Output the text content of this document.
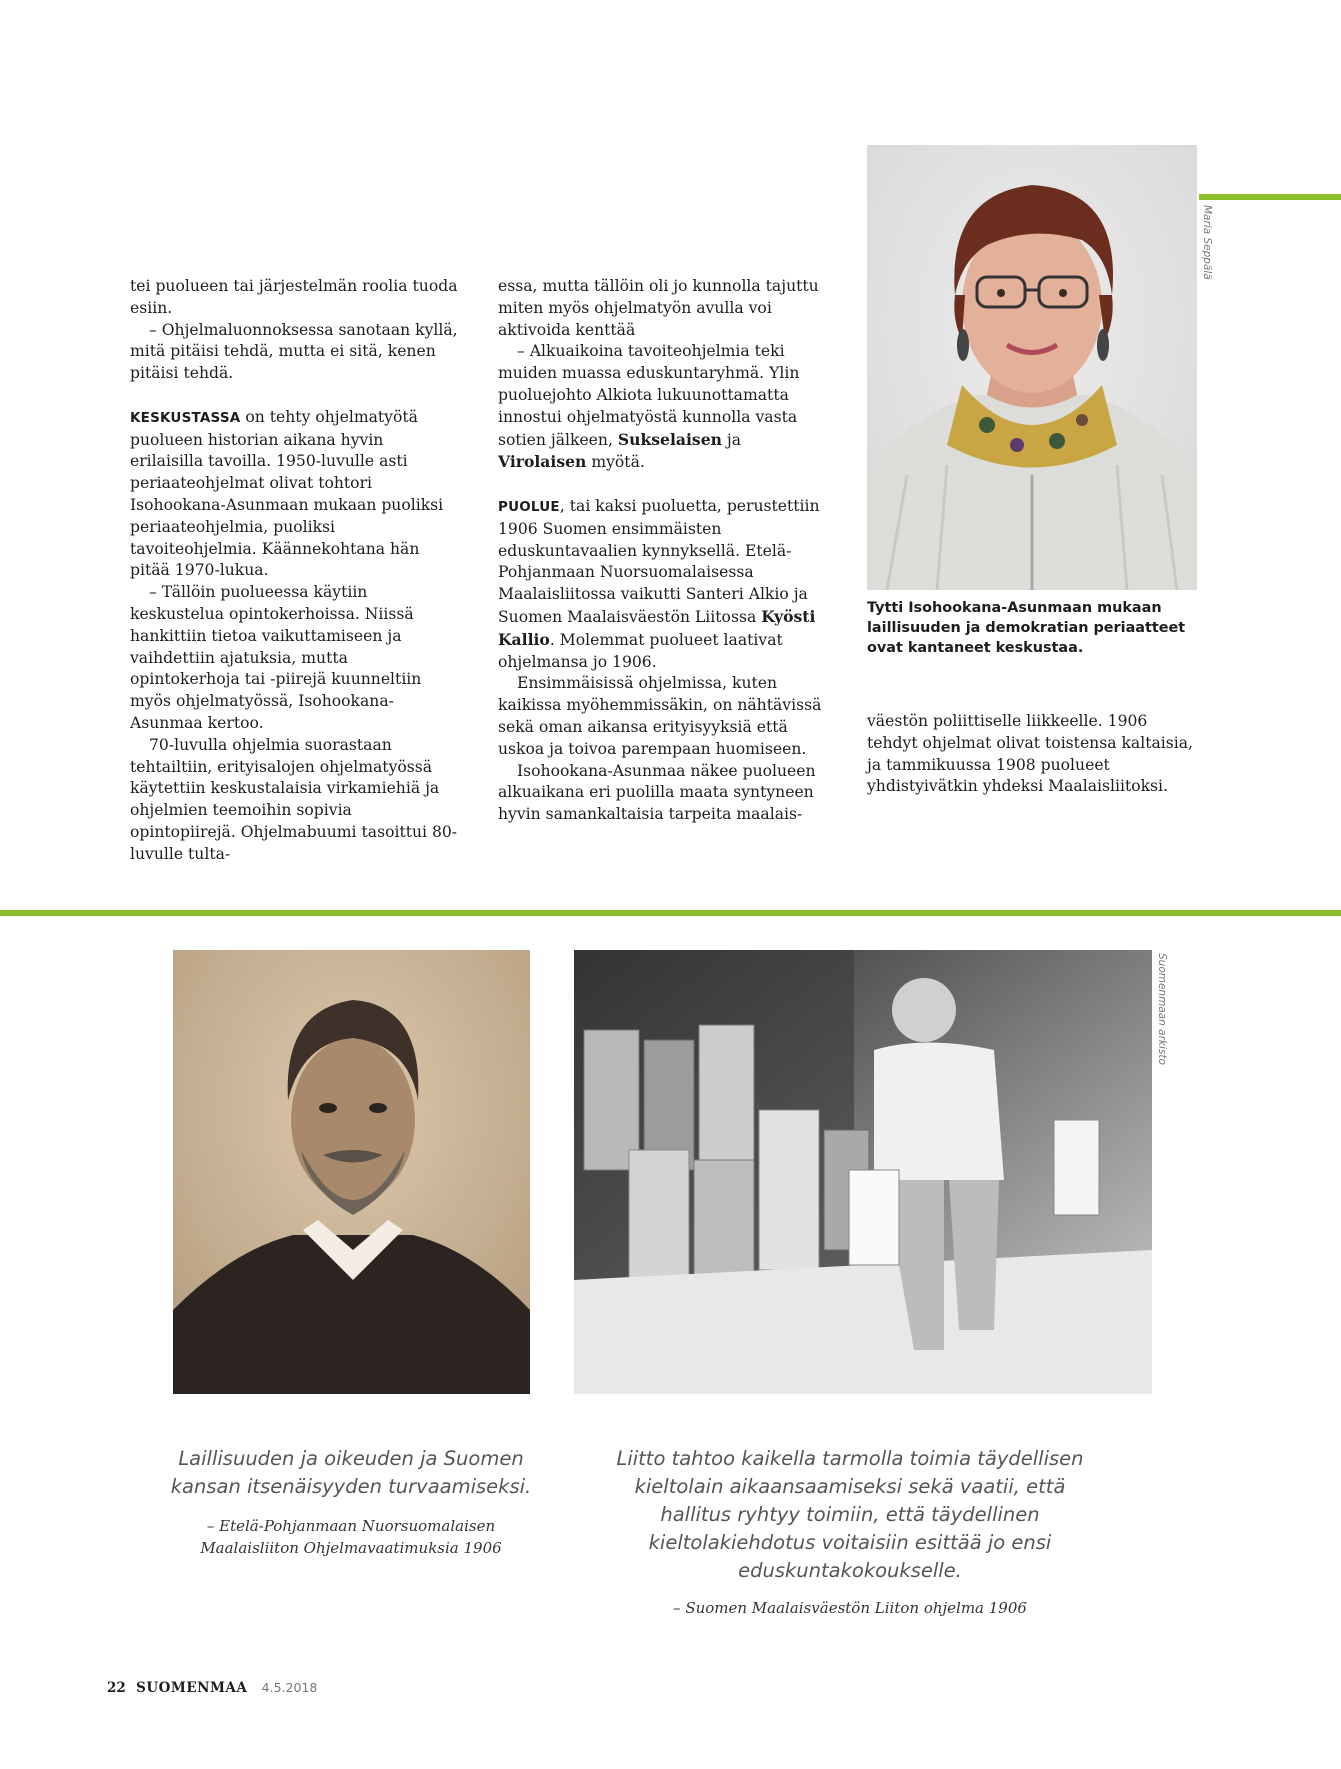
tei puolueen tai järjestelmän roolia tuoda esiin.

– Ohjelmaluonnoksessa sanotaan kyllä, mitä pitäisi tehdä, mutta ei sitä, kenen pitäisi tehdä.

KESKUSTASSA on tehty ohjelmatyötä puolueen historian aikana hyvin erilaisilla tavoilla. 1950-luvulle asti periaateohjelmat olivat tohtori Isohookana-Asunmaan mukaan puoliksi periaateohjelmia, puoliksi tavoiteohjelmia. Käännekohtana hän pitää 1970-lukua.

– Tällöin puolueessa käytiin keskustelua opintokerhoissa. Niissä hankittiin tietoa vaikuttamiseen ja vaihdettiin ajatuksia, mutta opintokerhoja tai -piirejä kuunneltiin myös ohjelmatyössä, Isohookana-Asunmaa kertoo.

70-luvulla ohjelmia suorastaan tehtailtiin, erityisalojen ohjelmatyössä käytettiin keskustalaisia virkamiehiä ja ohjelmien teemoihin sopivia opintopiirejä. Ohjelmabuumi tasoittui 80-luvulle tulta-

essa, mutta tällöin oli jo kunnolla tajuttu miten myös ohjelmatyön avulla voi aktivoida kenttää

– Alkuaikoina tavoiteohjelmia teki muiden muassa eduskuntaryhmä. Ylin puoluejohto Alkiota lukuunottamatta innostui ohjelmatyöstä kunnolla vasta sotien jälkeen, Sukselaisen ja Virolaisen myötä.

PUOLUE, tai kaksi puoluetta, perustettiin 1906 Suomen ensimmäisten eduskuntavaalien kynnyksellä. Etelä-Pohjanmaan Nuorsuomalaisessa Maalaisliitossa vaikutti Santeri Alkio ja Suomen Maalaisväestön Liitossa Kyösti Kallio. Molemmat puolueet laativat ohjelmansa jo 1906.

Ensimmäisissä ohjelmissa, kuten kaikissa myöhemmissäkin, on nähtävissä sekä oman aikansa erityisyyksiä että uskoa ja toivoa parempaan huomiseen.

Isohookana-Asunmaa näkee puolueen alkuaikana eri puolilla maata syntyneen hyvin samankaltaisia tarpeita maalais-

Maria Seppälä
Tytti Isohookana-Asunmaan mukaan laillisuuden ja demokratian periaatteet ovat kantaneet keskustaa.

väestön poliittiselle liikkeelle. 1906 tehdyt ohjelmat olivat toistensa kaltaisia, ja tammikuussa 1908 puolueet yhdistyivätkin yhdeksi Maalaisliitoksi.

Suomenmaan arkisto
Laillisuuden ja oikeuden ja Suomen kansan itsenäisyyden turvaamiseksi.
– Etelä-Pohjanmaan Nuorsuomalaisen Maalaisliiton Ohjelmavaatimuksia 1906
Liitto tahtoo kaikella tarmolla toimia täydellisen kieltolain aikaansaamiseksi sekä vaatii, että hallitus ryhtyy toimiin, että täydellinen kieltolakiehdotus voitaisiin esittää jo ensi eduskuntakokoukselle.
– Suomen Maalaisväestön Liiton ohjelma 1906
22 SUOMENMAA 4.5.2018
